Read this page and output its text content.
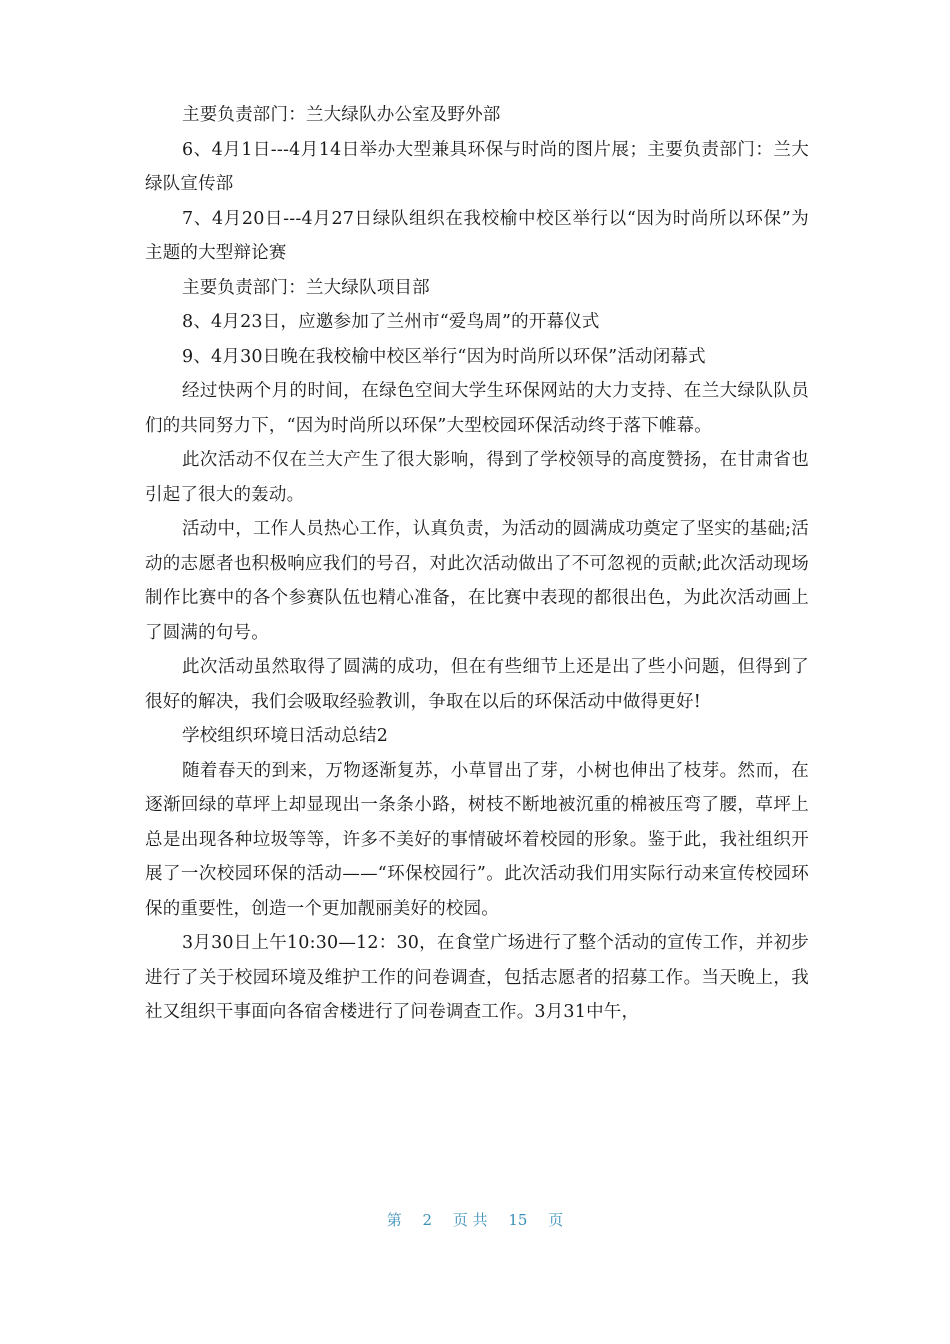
主要负责部门：兰大绿队办公室及野外部

6、4月1日---4月14日举办大型兼具环保与时尚的图片展；主要负责部门：兰大绿队宣传部

7、4月20日---4月27日绿队组织在我校榆中校区举行以“因为时尚所以环保”为主题的大型辩论赛

主要负责部门：兰大绿队项目部

8、4月23日，应邀参加了兰州市“爱鸟周”的开幕仪式

9、4月30日晚在我校榆中校区举行“因为时尚所以环保”活动闭幕式

经过快两个月的时间，在绿色空间大学生环保网站的大力支持、在兰大绿队队员们的共同努力下，“因为时尚所以环保”大型校园环保活动终于落下帷幕。

此次活动不仅在兰大产生了很大影响，得到了学校领导的高度赞扬，在甘肃省也引起了很大的轰动。

活动中，工作人员热心工作，认真负责，为活动的圆满成功奠定了坚实的基础;活动的志愿者也积极响应我们的号召，对此次活动做出了不可忽视的贡献;此次活动现场制作比赛中的各个参赛队伍也精心准备，在比赛中表现的都很出色，为此次活动画上了圆满的句号。

此次活动虽然取得了圆满的成功，但在有些细节上还是出了些小问题，但得到了很好的解决，我们会吸取经验教训，争取在以后的环保活动中做得更好!

学校组织环境日活动总结2

随着春天的到来，万物逐渐复苏，小草冒出了芽，小树也伸出了枝芽。然而，在逐渐回绿的草坪上却显现出一条条小路，树枝不断地被沉重的棉被压弯了腰，草坪上总是出现各种垃圾等等，许多不美好的事情破坏着校园的形象。鉴于此，我社组织开展了一次校园环保的活动——“环保校园行”。此次活动我们用实际行动来宣传校园环保的重要性，创造一个更加靓丽美好的校园。

3月30日上午10:30—12：30，在食堂广场进行了整个活动的宣传工作，并初步进行了关于校园环境及维护工作的问卷调查，包括志愿者的招募工作。当天晚上，我社又组织干事面向各宿舍楼进行了问卷调查工作。3月31中午，

第 2 页 共 15 页
